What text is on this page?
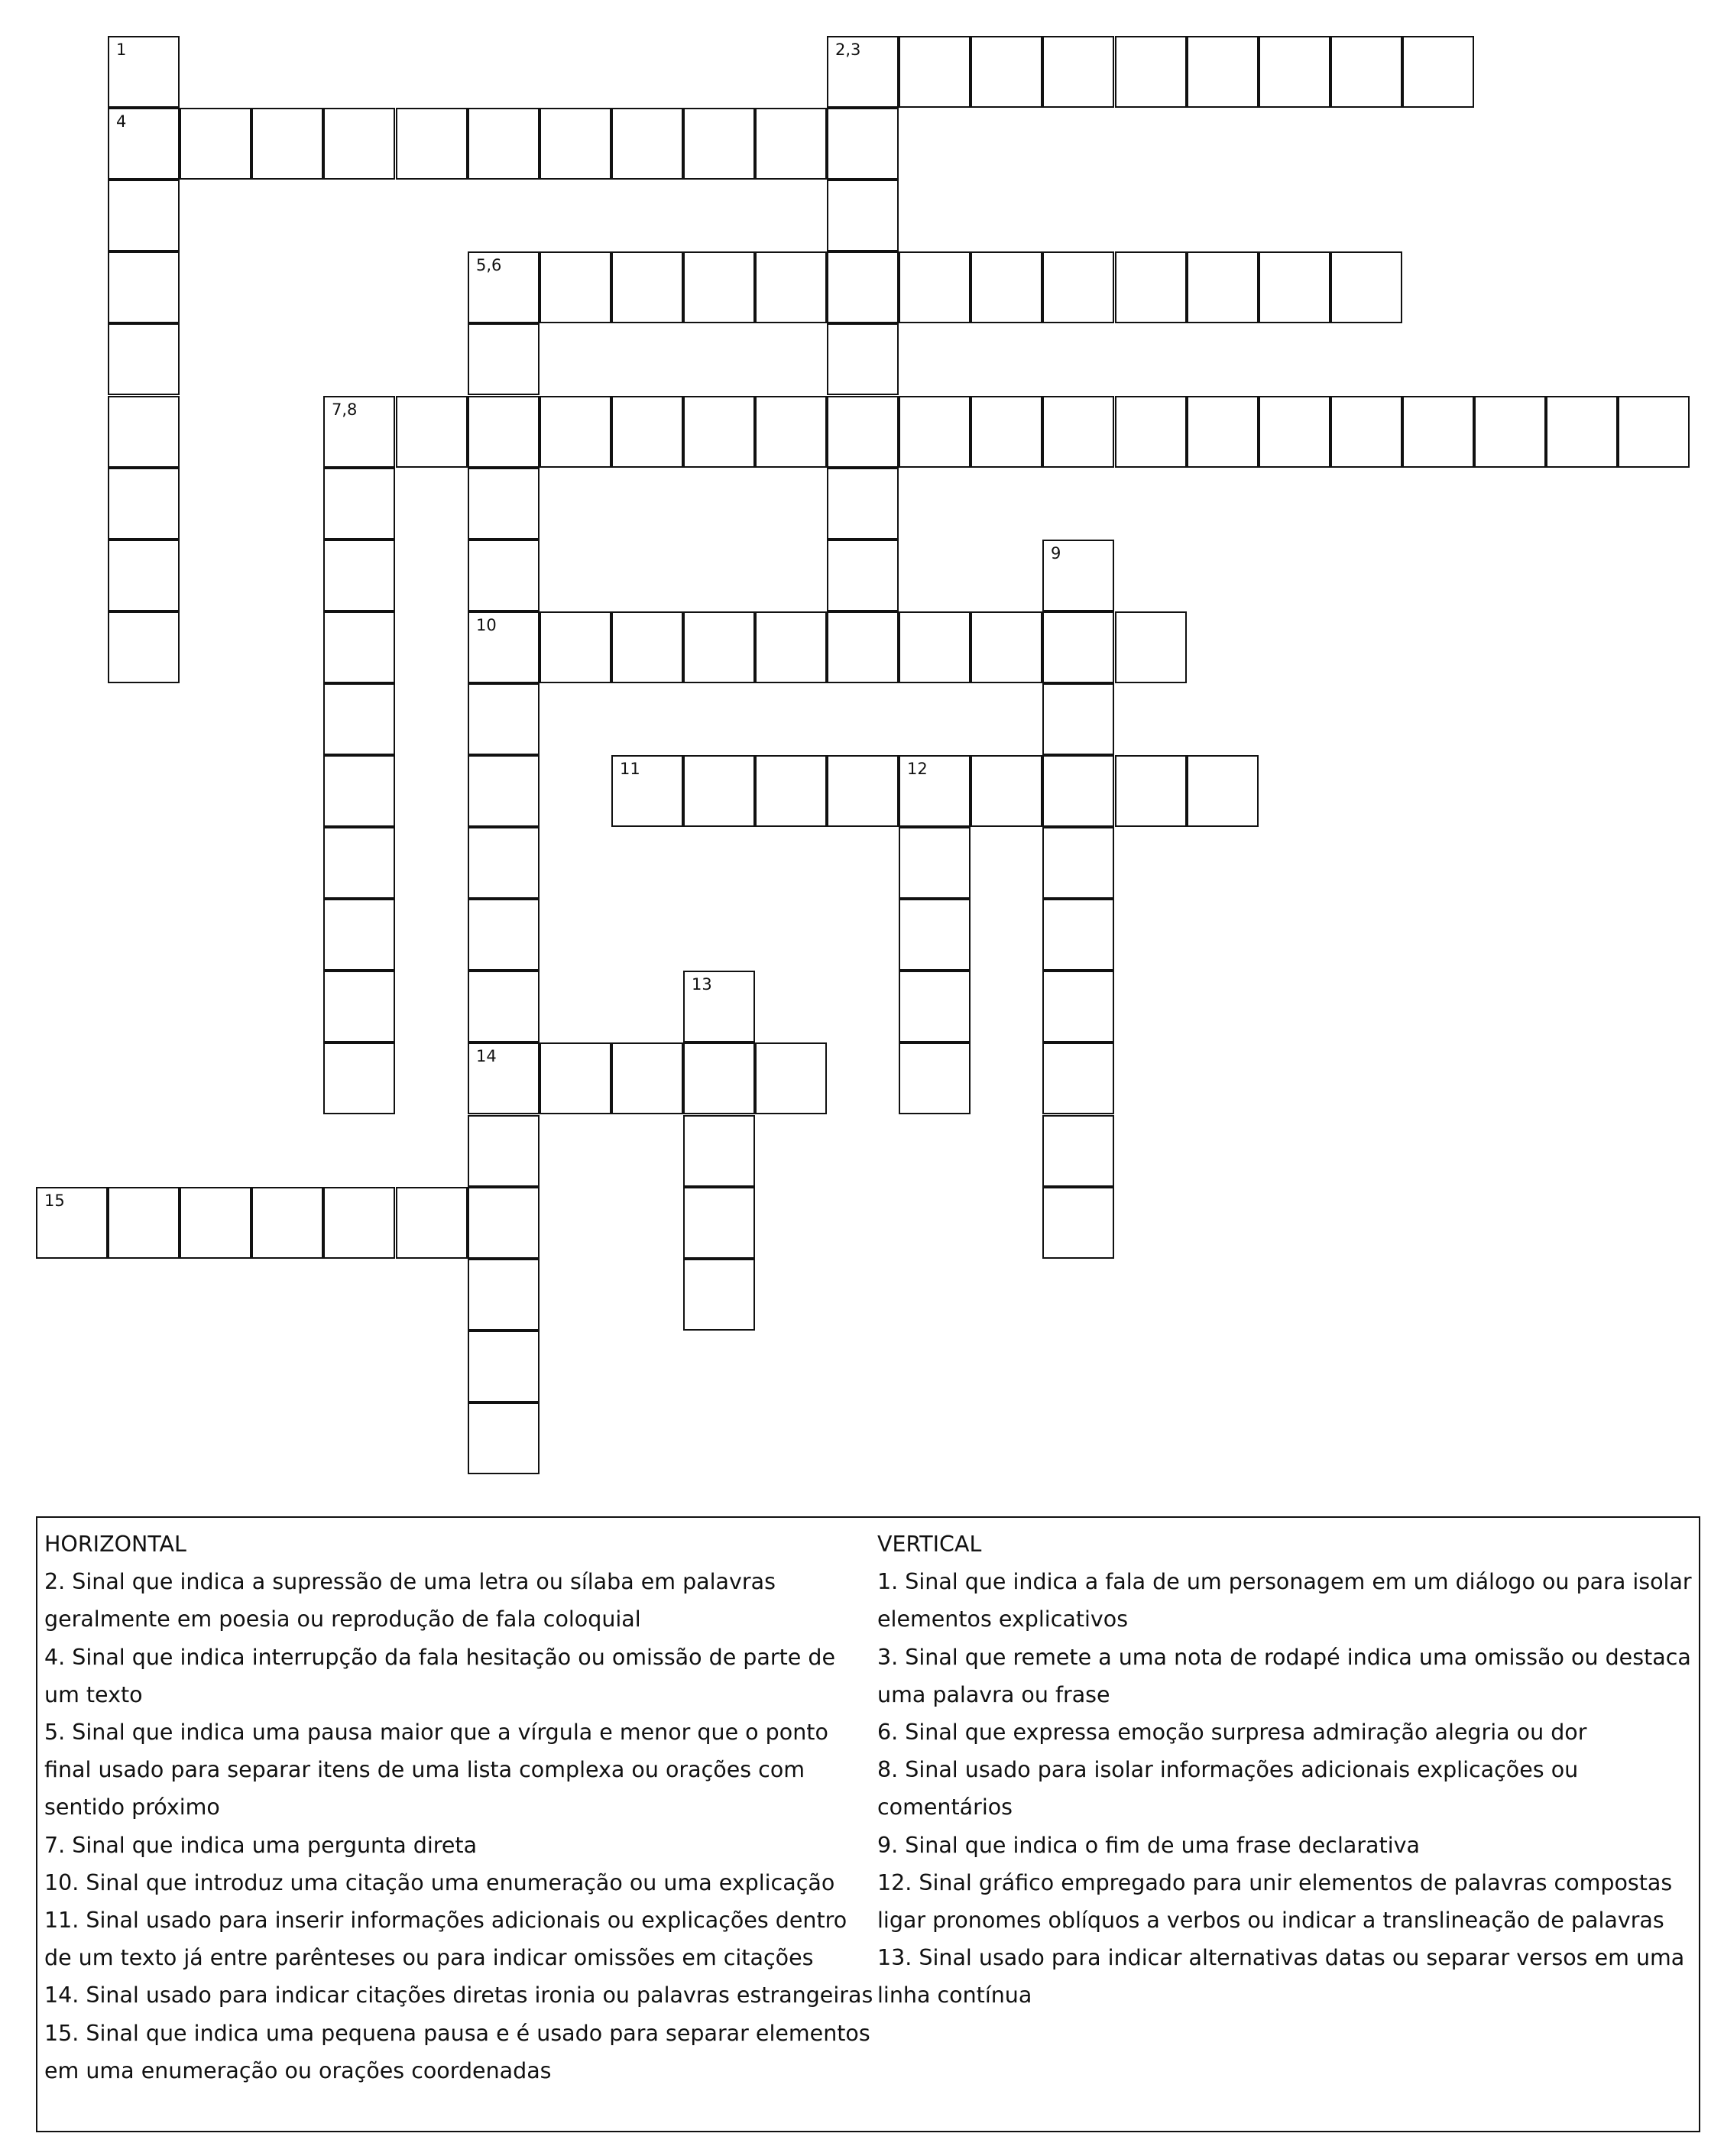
1	2,3
4
5,6
7,8
9
10
11	12
13
14
15

HORIZONTAL

2. Sinal que indica a supressão de uma letra ou sílaba em palavras geralmente em poesia ou reprodução de fala coloquial

4. Sinal que indica interrupção da fala hesitação ou omissão de parte de um texto

5. Sinal que indica uma pausa maior que a vírgula e menor que o ponto final usado para separar itens de uma lista complexa ou orações com sentido próximo

7. Sinal que indica uma pergunta direta

10. Sinal que introduz uma citação uma enumeração ou uma explicação

11. Sinal usado para inserir informações adicionais ou explicações dentro de um texto já entre parênteses ou para indicar omissões em citações

14. Sinal usado para indicar citações diretas ironia ou palavras estrangeiras

15. Sinal que indica uma pequena pausa e é usado para separar elementos em uma enumeração ou orações coordenadas

VERTICAL

1. Sinal que indica a fala de um personagem em um diálogo ou para isolar elementos explicativos

3. Sinal que remete a uma nota de rodapé indica uma omissão ou destaca uma palavra ou frase

6. Sinal que expressa emoção surpresa admiração alegria ou dor

8. Sinal usado para isolar informações adicionais explicações ou comentários

9. Sinal que indica o fim de uma frase declarativa

12. Sinal gráfico empregado para unir elementos de palavras compostas ligar pronomes oblíquos a verbos ou indicar a translineação de palavras

13. Sinal usado para indicar alternativas datas ou separar versos em uma linha contínua
